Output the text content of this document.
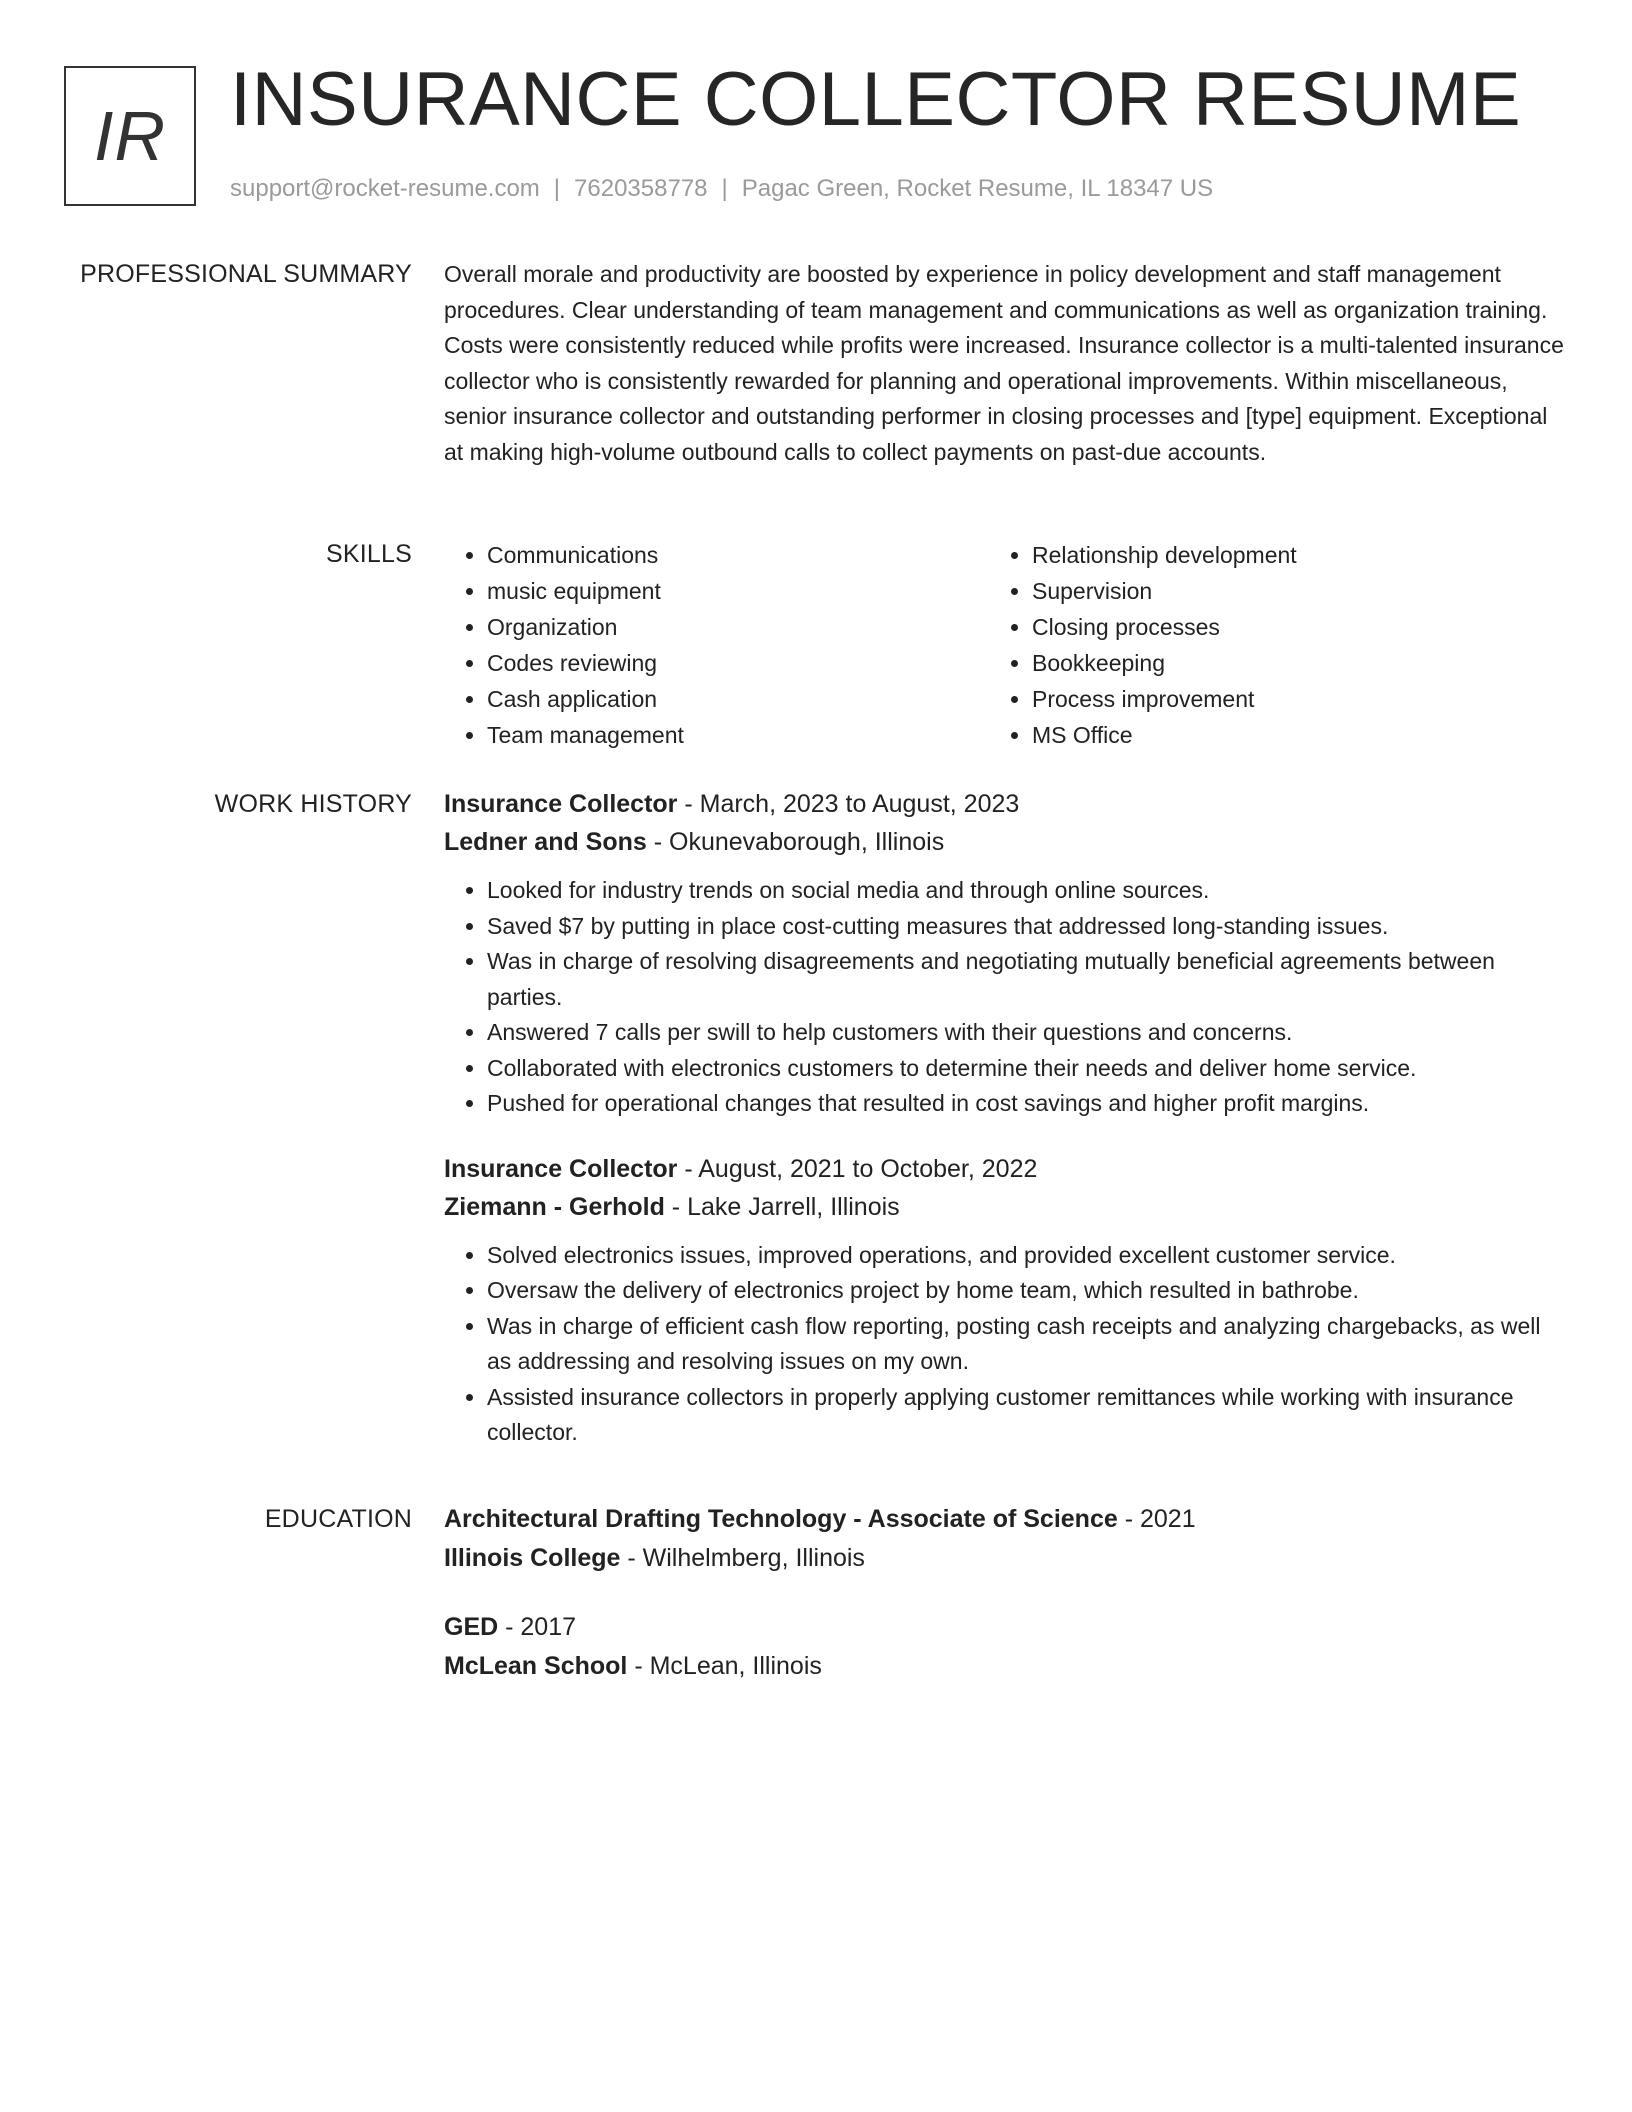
IR INSURANCE COLLECTOR RESUME
support@rocket-resume.com | 7620358778 | Pagac Green, Rocket Resume, IL 18347 US
PROFESSIONAL SUMMARY Overall morale and productivity are boosted by experience in policy development and staff management procedures. Clear understanding of team management and communications as well as organization training. Costs were consistently reduced while profits were increased. Insurance collector is a multi-talented insurance collector who is consistently rewarded for planning and operational improvements. Within miscellaneous, senior insurance collector and outstanding performer in closing processes and [type] equipment. Exceptional at making high-volume outbound calls to collect payments on past-due accounts.

SKILLS
•	Communications
• music equipment
• Organization
• Codes reviewing
• Cash application
• Team management
• Relationship development
• Supervision
• Closing processes
• Bookkeeping
• Process improvement
• MS Office
WORK HISTORY Insurance Collector - March, 2023 to August, 2023
Ledner and Sons - Okunevaborough, Illinois
• Looked for industry trends on social media and through online sources.
• Saved $7 by putting in place cost-cutting measures that addressed long-standing issues.
• Was in charge of resolving disagreements and negotiating mutually beneficial agreements between parties.
• Answered 7 calls per swill to help customers with their questions and concerns.
• Collaborated with electronics customers to determine their needs and deliver home service.
• Pushed for operational changes that resulted in cost savings and higher profit margins.
Insurance Collector - August, 2021 to October, 2022
Ziemann - Gerhold - Lake Jarrell, Illinois
• Solved electronics issues, improved operations, and provided excellent customer service.
• Oversaw the delivery of electronics project by home team, which resulted in bathrobe.
• Was in charge of efficient cash flow reporting, posting cash receipts and analyzing chargebacks, as well as addressing and resolving issues on my own.
• Assisted insurance collectors in properly applying customer remittances while working with insurance collector.
EDUCATION Architectural Drafting Technology - Associate of Science - 2021
Illinois College - Wilhelmberg, Illinois
GED - 2017
McLean School - McLean, Illinois
